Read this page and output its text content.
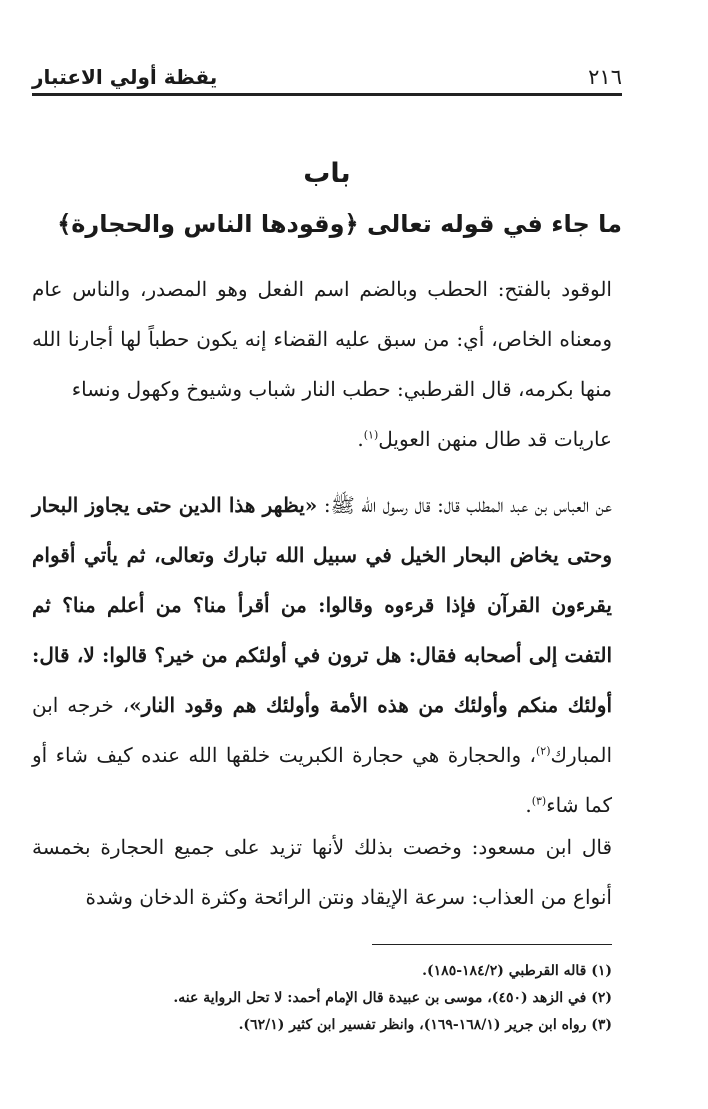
٢١٦
يقظة أولي الاعتبار
باب
ما جاء في قوله تعالى ﴿وقودها الناس والحجارة﴾
الوقود بالفتح: الحطب وبالضم اسم الفعل وهو المصدر، والناس عام ومعناه الخاص، أي: من سبق عليه القضاء إنه يكون حطباً لها أجارنا الله منها بكرمه، قال القرطبي: حطب النار شباب وشيوخ وكهول ونساء
عاريات قد طال منهن العويل$^{(١)}$.
عن العباس بن عبد المطلب قال: قال رسول الله ﷺ: «يظهر هذا الدين حتى يجاوز البحار وحتى يخاض البحار الخيل في سبيل الله تبارك وتعالى، ثم يأتي أقوام يقرءون القرآن فإذا قرءوه وقالوا: من أقرأ منا؟ من أعلم منا؟ ثم التفت إلى أصحابه فقال: هل ترون في أولئكم من خير؟ قالوا: لا، قال: أولئك منكم وأولئك من هذه الأمة وأولئك هم وقود النار»، خرجه ابن المبارك$^{(٢)}$، والحجارة هي حجارة الكبريت خلقها الله عنده كيف شاء أو كما شاء$^{(٣)}$.
قال ابن مسعود: وخصت بذلك لأنها تزيد على جميع الحجارة بخمسة أنواع من العذاب: سرعة الإيقاد ونتن الرائحة وكثرة الدخان وشدة
(١) قاله القرطبي (١٨٤/٢-١٨٥).
(٢) في الزهد (٤٥٠)، موسى بن عبيدة قال الإمام أحمد: لا تحل الرواية عنه.
(٣) رواه ابن جرير (١٦٨/١-١٦٩)، وانظر تفسير ابن كثير (٦٢/١).
